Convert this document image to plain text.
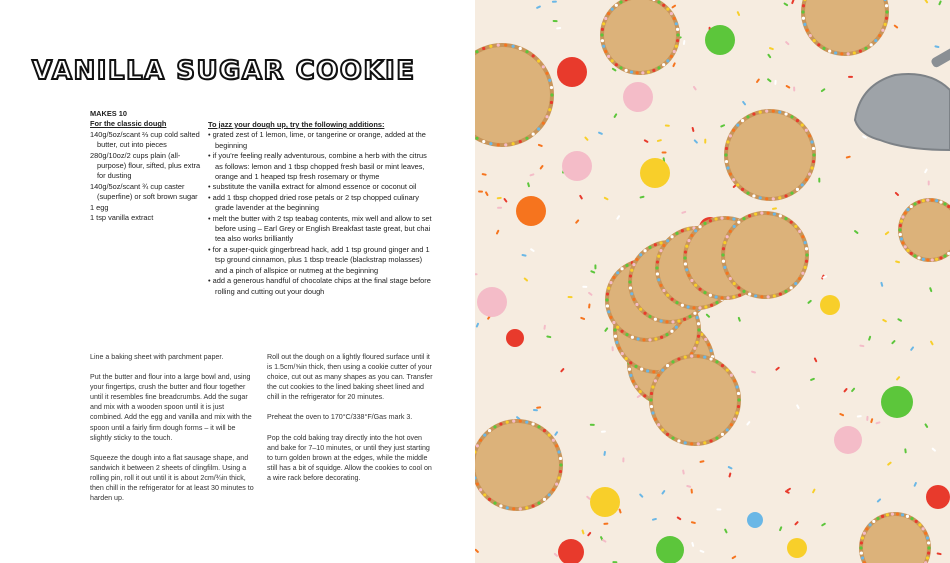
VANILLA SUGAR COOKIE
MAKES 10
For the classic dough
140g/5oz/scant ⅔ cup cold salted butter, cut into pieces
280g/10oz/2 cups plain (all-purpose) flour, sifted, plus extra for dusting
140g/5oz/scant ¾ cup caster (superfine) or soft brown sugar
1 egg
1 tsp vanilla extract
To jazz your dough up, try the following additions:
• grated zest of 1 lemon, lime, or tangerine or orange, added at the beginning
• if you're feeling really adventurous, combine a herb with the citrus as follows: lemon and 1 tbsp chopped fresh basil or mint leaves, orange and 1 heaped tsp fresh rosemary or thyme
• substitute the vanilla extract for almond essence or coconut oil
• add 1 tbsp chopped dried rose petals or 2 tsp chopped culinary grade lavender at the beginning
• melt the butter with 2 tsp teabag contents, mix well and allow to set before using – Earl Grey or English Breakfast taste great, but chai tea also works brilliantly
• for a super-quick gingerbread hack, add 1 tsp ground ginger and 1 tsp ground cinnamon, plus 1 tbsp treacle (blackstrap molasses) and a pinch of allspice or nutmeg at the beginning
• add a generous handful of chocolate chips at the final stage before rolling and cutting out your dough

Line a baking sheet with parchment paper.

Put the butter and flour into a large bowl and, using your fingertips, crush the butter and flour together until it resembles fine breadcrumbs. Add the sugar and mix with a wooden spoon until it is just combined. Add the egg and vanilla and mix with the spoon until a fairly firm dough forms – it will be slightly sticky to the touch.

Squeeze the dough into a flat sausage shape, and sandwich it between 2 sheets of clingfilm. Using a rolling pin, roll it out until it is about 2cm/¾in thick, then chill in the refrigerator for at least 30 minutes to harden up.

Roll out the dough on a lightly floured surface until it is 1.5cm/⅝in thick, then using a cookie cutter of your choice, cut out as many shapes as you can. Transfer the cut cookies to the lined baking sheet lined and chill in the refrigerator for 20 minutes.

Preheat the oven to 170°C/338°F/Gas mark 3.

Pop the cold baking tray directly into the hot oven and bake for 7–10 minutes, or until they just starting to turn golden brown at the edges, while the middle still has a bit of squidge. Allow the cookies to cool on a wire rack before decorating.
